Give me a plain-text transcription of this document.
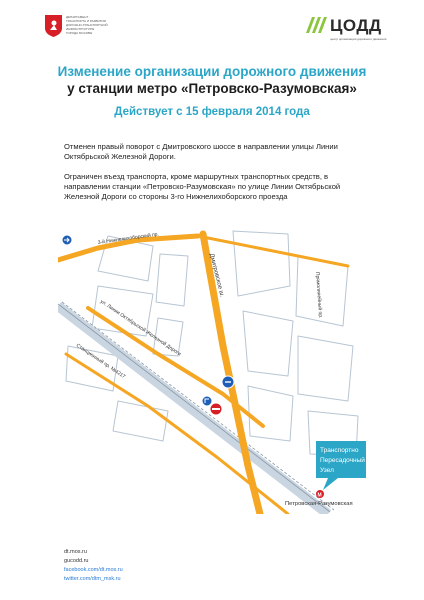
ДЕПАРТАМЕНТ
ТРАНСПОРТА И РАЗВИТИЯ
ДОРОЖНО-ТРАНСПОРТНОЙ
ИНФРАСТРУКТУРЫ
ГОРОДА МОСКВЫ	ЦОДД
центр организации дорожного движения
Изменение организации дорожного движения
у станции метро «Петровско-Разумовская»
Действует с 15 февраля 2014 года
Отменен правый поворот с Дмитровского шоссе в направлении улицы Линии Октябрьской Железной Дороги.
Ограничен въезд транспорта, кроме маршрутных транспортных средств, в направлении станции «Петровско-Разумовская» по улице Линии Октябрьской Железной Дороги со стороны 3-го Нижнелихоборского проезда
3-й Нижнелихоборский пр.
Дмитровское ш.
ул. Линии Октябрьской Железной Дороги
Станционный пр. №4217
Прямолинейный пр.
Транспортно
Пересадочный
Узел
М
Петровская-Разумовская
dt.mos.ru
gucodd.ru
facebook.com/dt.mos.ru
twitter.com/dtm_msk.ru
